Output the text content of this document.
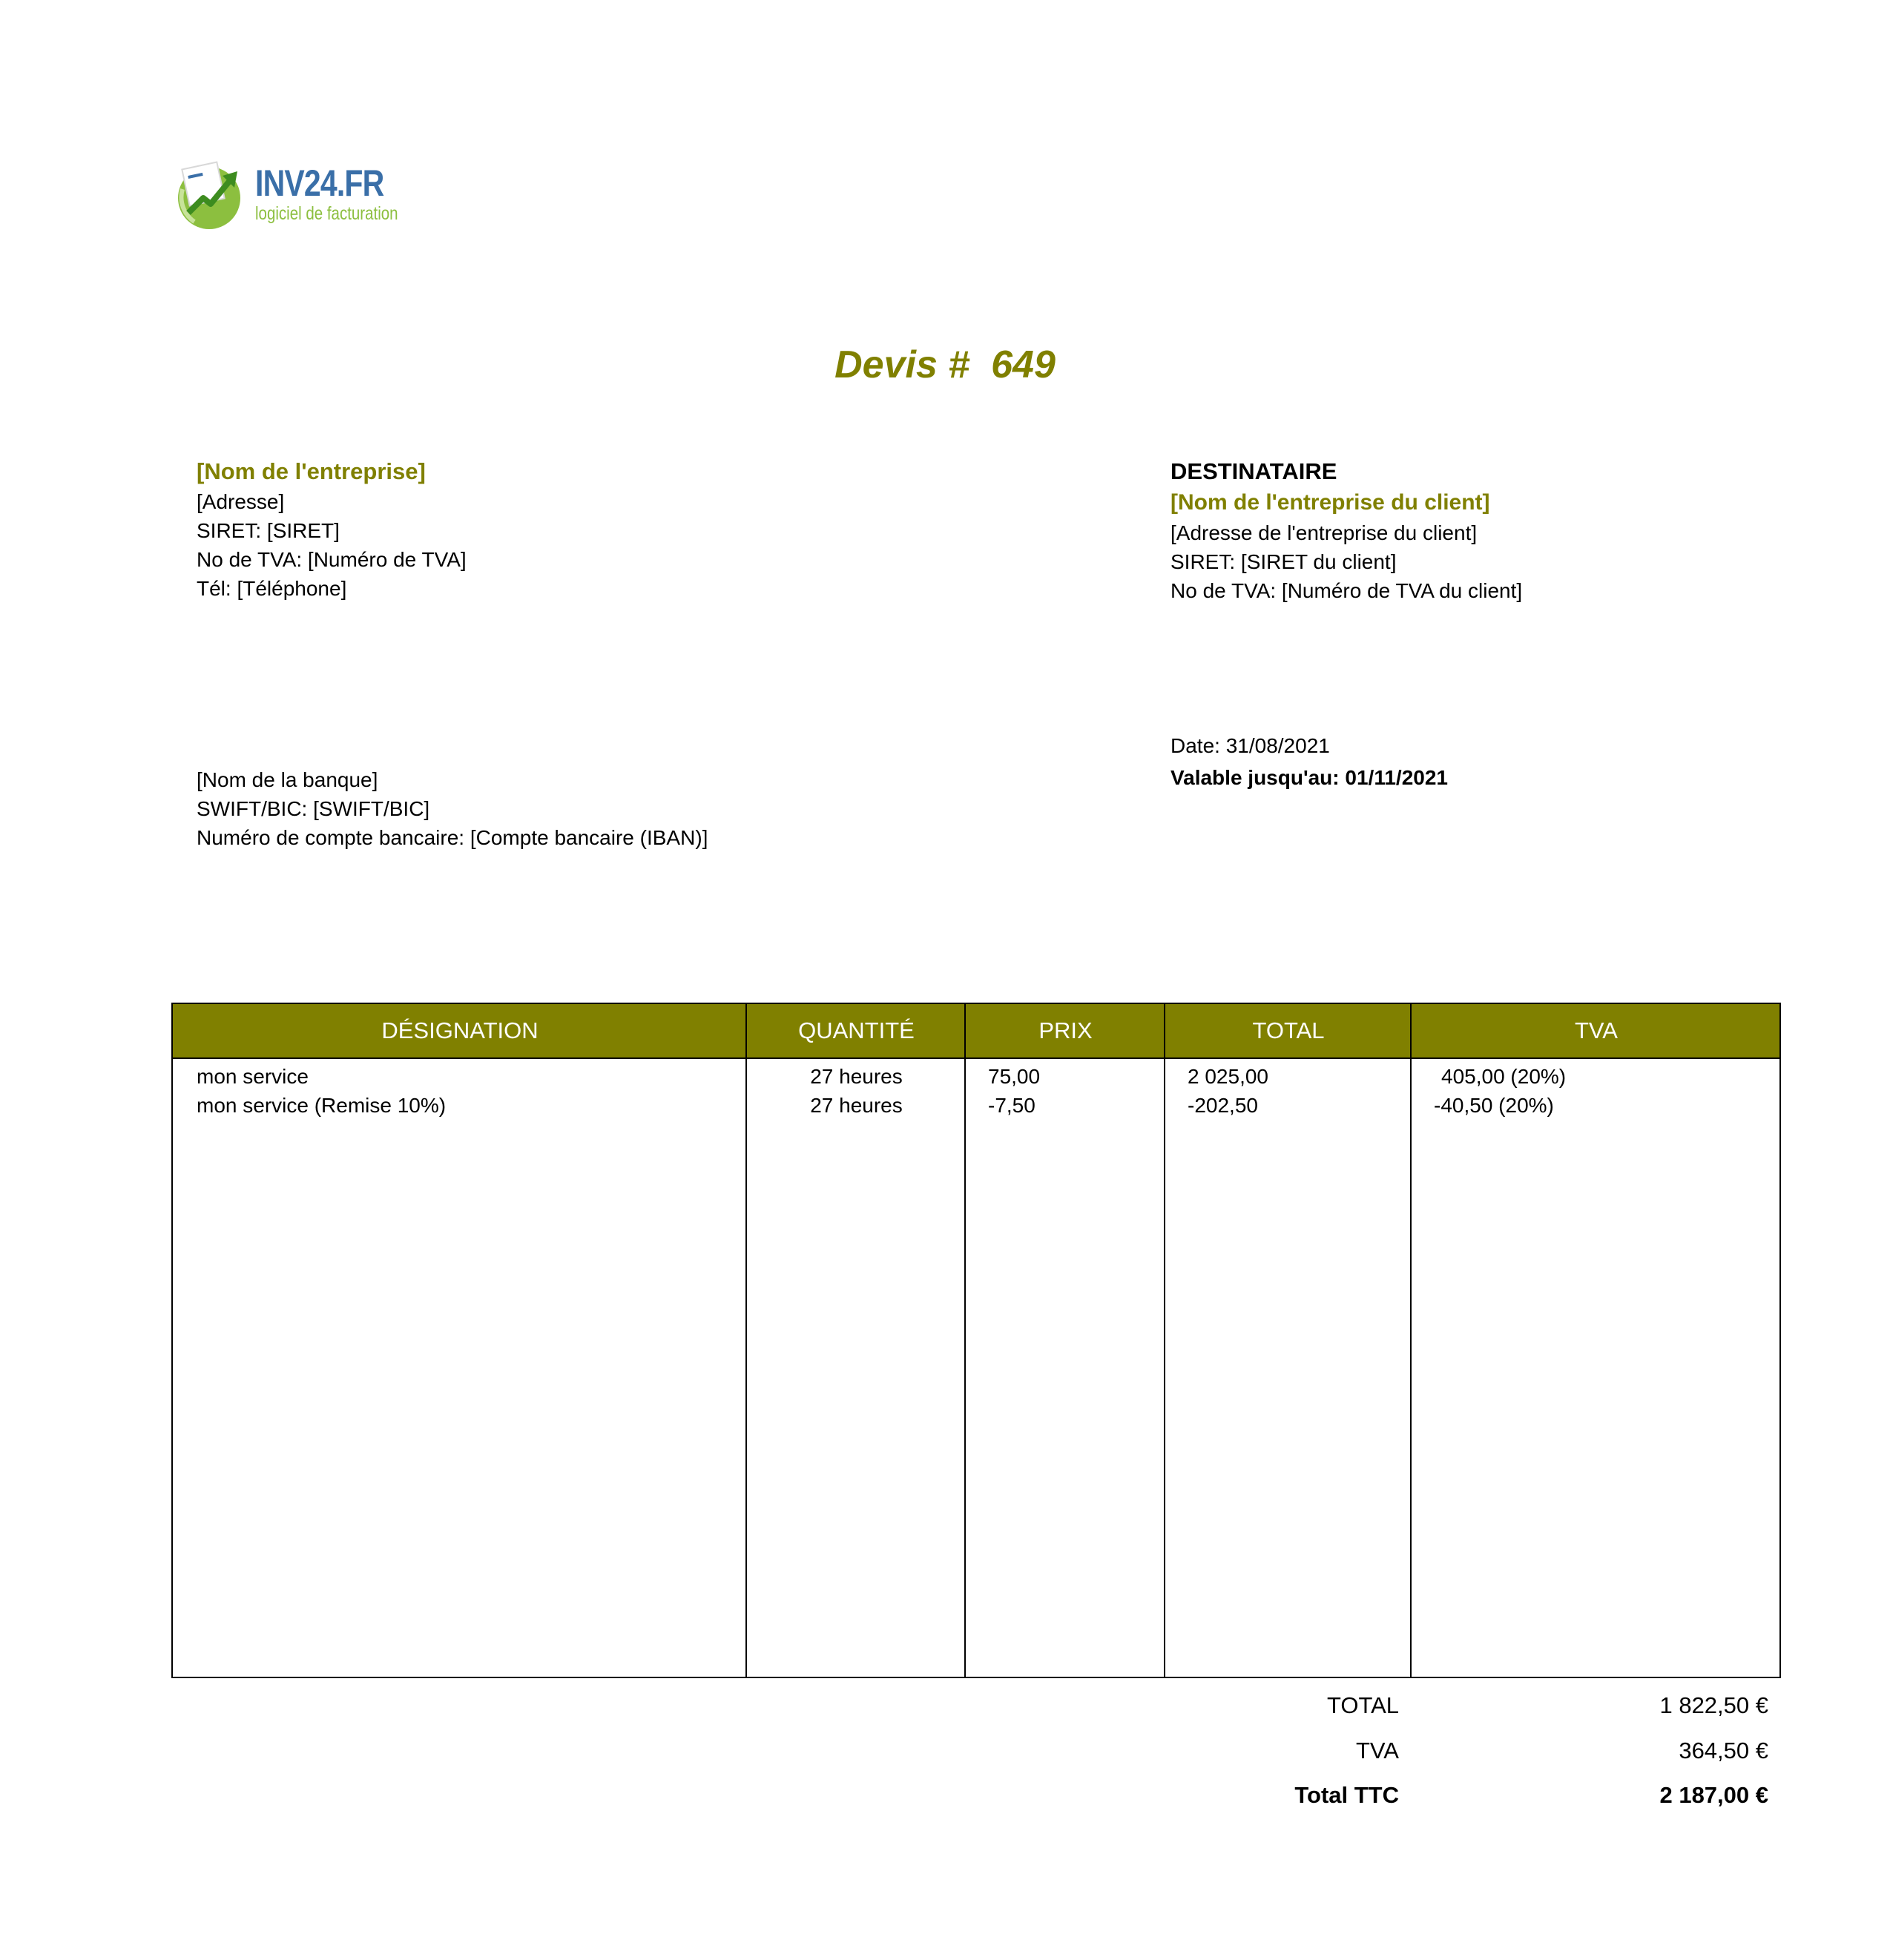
INV24.FR
logiciel de facturation
Devis #  649
[Nom de l'entreprise]
[Adresse]
SIRET: [SIRET]
No de TVA: [Numéro de TVA]
Tél: [Téléphone]
DESTINATAIRE
[Nom de l'entreprise du client]
[Adresse de l'entreprise du client]
SIRET: [SIRET du client]
No de TVA: [Numéro de TVA du client]
[Nom de la banque]
SWIFT/BIC: [SWIFT/BIC]
Numéro de compte bancaire: [Compte bancaire (IBAN)]
Date: 31/08/2021
Valable jusqu'au: 01/11/2021
DÉSIGNATION	QUANTITÉ	PRIX	TOTAL	TVA
mon service	27 heures	75,00	2 025,00	405,00 (20%)
mon service (Remise 10%)	27 heures	-7,50	-202,50	-40,50 (20%)
TOTAL	1 822,50 €
TVA	364,50 €
Total TTC	2 187,00 €
